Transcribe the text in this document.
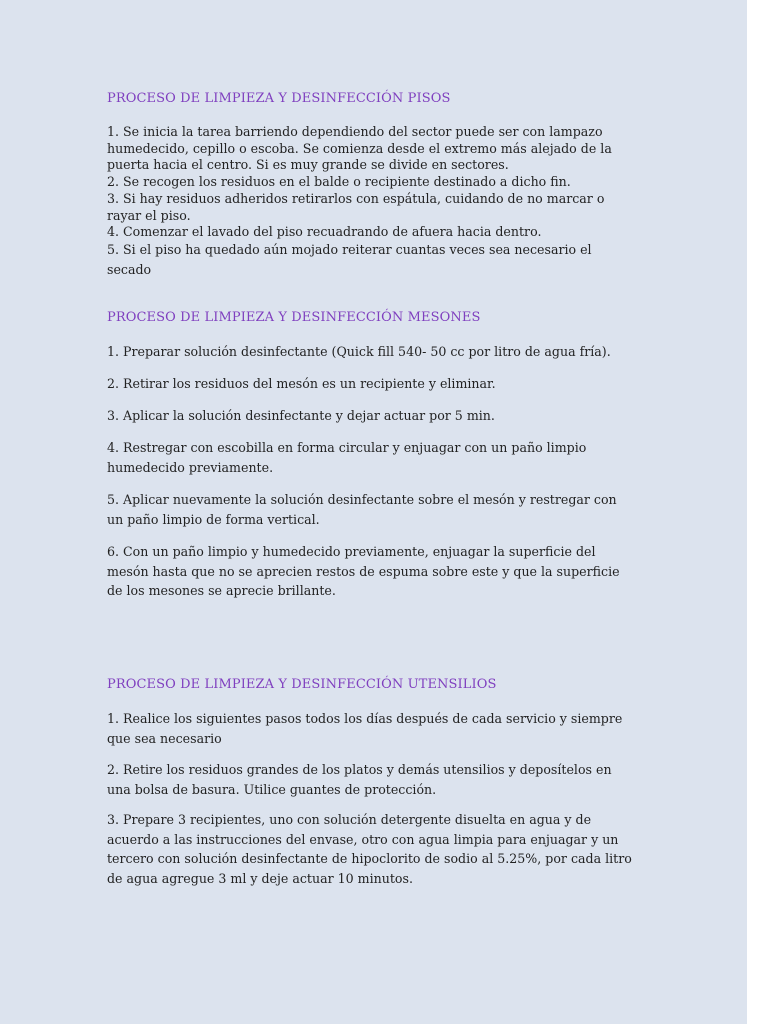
PROCESO DE LIMPIEZA Y DESINFECCIÓN PISOS
1. Se inicia la tarea barriendo dependiendo del sector puede ser con lampazo
humedecido, cepillo o escoba. Se comienza desde el extremo más alejado de la
puerta hacia el centro. Si es muy grande se divide en sectores.
2. Se recogen los residuos en el balde o recipiente destinado a dicho fin.
3. Si hay residuos adheridos retirarlos con espátula, cuidando de no marcar o
rayar el piso.
4. Comenzar el lavado del piso recuadrando de afuera hacia dentro.
5. Si el piso ha quedado aún mojado reiterar cuantas veces sea necesario el
secado
PROCESO DE LIMPIEZA Y DESINFECCIÓN MESONES
1. Preparar solución desinfectante (Quick fill 540- 50 cc por litro de agua fría).
2. Retirar los residuos del mesón es un recipiente y eliminar.
3. Aplicar la solución desinfectante y dejar actuar por 5 min.
4. Restregar con escobilla en forma circular y enjuagar con un paño limpio
humedecido previamente.
5. Aplicar nuevamente la solución desinfectante sobre el mesón y restregar con
un paño limpio de forma vertical.
6. Con un paño limpio y humedecido previamente, enjuagar la superficie del
mesón hasta que no se aprecien restos de espuma sobre este y que la superficie
de los mesones se aprecie brillante.
PROCESO DE LIMPIEZA Y DESINFECCIÓN UTENSILIOS
1. Realice los siguientes pasos todos los días después de cada servicio y siempre
que sea necesario
2. Retire los residuos grandes de los platos y demás utensilios y deposítelos en
una bolsa de basura. Utilice guantes de protección.
3. Prepare 3 recipientes, uno con solución detergente disuelta en agua y de
acuerdo a las instrucciones del envase, otro con agua limpia para enjuagar y un
tercero con solución desinfectante de hipoclorito de sodio al 5.25%, por cada litro
de agua agregue 3 ml y deje actuar 10 minutos.
